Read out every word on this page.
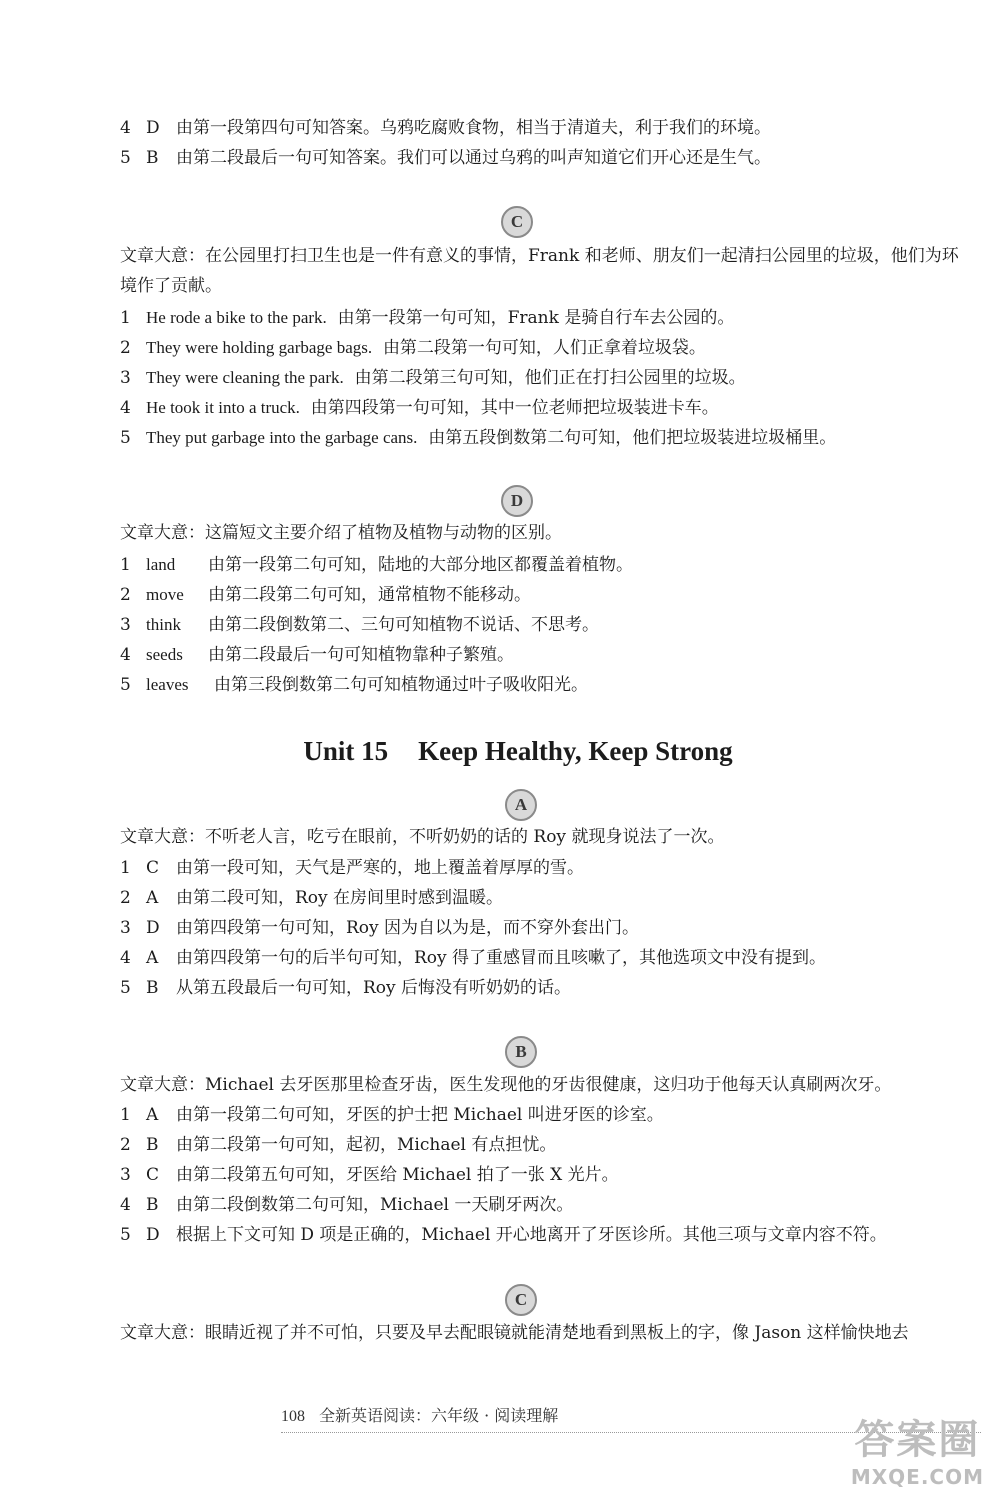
4 D 由第一段第四句可知答案。乌鸦吃腐败食物，相当于清道夫，利于我们的环境。
5 B 由第二段最后一句可知答案。我们可以通过乌鸦的叫声知道它们开心还是生气。
C
文章大意：在公园里打扫卫生也是一件有意义的事情，Frank 和老师、朋友们一起清扫公园里的垃圾，他们为环境作了贡献。
1 He rode a bike to the park. 由第一段第一句可知，Frank 是骑自行车去公园的。
2 They were holding garbage bags. 由第二段第一句可知，人们正拿着垃圾袋。
3 They were cleaning the park. 由第二段第三句可知，他们正在打扫公园里的垃圾。
4 He took it into a truck. 由第四段第一句可知，其中一位老师把垃圾装进卡车。
5 They put garbage into the garbage cans. 由第五段倒数第二句可知，他们把垃圾装进垃圾桶里。
D
文章大意：这篇短文主要介绍了植物及植物与动物的区别。
1 land 由第一段第二句可知，陆地的大部分地区都覆盖着植物。
2 move 由第二段第二句可知，通常植物不能移动。
3 think 由第二段倒数第二、三句可知植物不说话、不思考。
4 seeds 由第二段最后一句可知植物靠种子繁殖。
5 leaves 由第三段倒数第二句可知植物通过叶子吸收阳光。
Unit 15 Keep Healthy, Keep Strong
A
文章大意：不听老人言，吃亏在眼前，不听奶奶的话的 Roy 就现身说法了一次。
1 C 由第一段可知，天气是严寒的，地上覆盖着厚厚的雪。
2 A 由第二段可知，Roy 在房间里时感到温暖。
3 D 由第四段第一句可知，Roy 因为自以为是，而不穿外套出门。
4 A 由第四段第一句的后半句可知，Roy 得了重感冒而且咳嗽了，其他选项文中没有提到。
5 B 从第五段最后一句可知，Roy 后悔没有听奶奶的话。
B
文章大意：Michael 去牙医那里检查牙齿，医生发现他的牙齿很健康，这归功于他每天认真刷两次牙。
1 A 由第一段第二句可知，牙医的护士把 Michael 叫进牙医的诊室。
2 B 由第二段第一句可知，起初，Michael 有点担忧。
3 C 由第二段第五句可知，牙医给 Michael 拍了一张 X 光片。
4 B 由第二段倒数第二句可知，Michael 一天刷牙两次。
5 D 根据上下文可知 D 项是正确的，Michael 开心地离开了牙医诊所。其他三项与文章内容不符。
C
文章大意：眼睛近视了并不可怕，只要及早去配眼镜就能清楚地看到黑板上的字，像 Jason 这样愉快地去
108 全新英语阅读：六年级 · 阅读理解
答案圈
MXQE.COM
